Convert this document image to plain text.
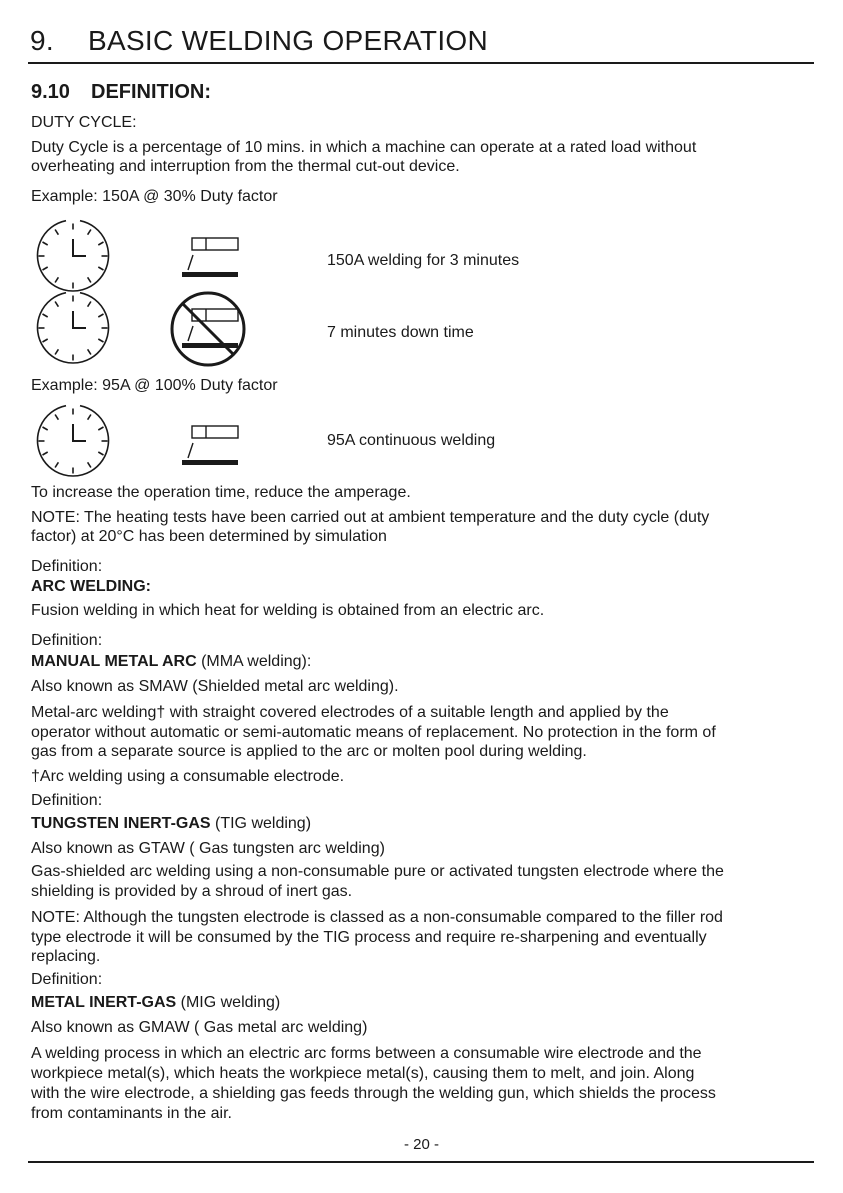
9. BASIC WELDING OPERATION
9.10 DEFINITION:
DUTY CYCLE:
Duty Cycle is a percentage of 10 mins. in which a machine can operate at a rated load without
overheating and interruption from the thermal cut-out device.
Example: 150A @ 30% Duty factor
150A welding for 3 minutes
7 minutes down time
Example: 95A @ 100% Duty factor
95A continuous welding
To increase the operation time, reduce the amperage.
NOTE: The heating tests have been carried out at ambient temperature and the duty cycle (duty
factor) at 20°C has been determined by simulation
Definition:
ARC WELDING:
Fusion welding in which heat for welding is obtained from an electric arc.
Definition:
MANUAL METAL ARC (MMA welding):
Also known as SMAW (Shielded metal arc welding).
Metal-arc welding† with straight covered electrodes of a suitable length and applied by the
operator without automatic or semi-automatic means of replacement. No protection in the form of
gas from a separate source is applied to the arc or molten pool during welding.
†Arc welding using a consumable electrode.
Definition:
TUNGSTEN INERT-GAS (TIG welding)
Also known as GTAW ( Gas tungsten arc welding)
Gas-shielded arc welding using a non-consumable pure or activated tungsten electrode where the
shielding is provided by a shroud of inert gas.
NOTE: Although the tungsten electrode is classed as a non-consumable compared to the filler rod
type electrode it will be consumed by the TIG process and require re-sharpening and eventually
replacing.
Definition:
METAL INERT-GAS (MIG welding)
Also known as GMAW ( Gas metal arc welding)
A welding process in which an electric arc forms between a consumable wire electrode and the
workpiece metal(s), which heats the workpiece metal(s), causing them to melt, and join. Along
with the wire electrode, a shielding gas feeds through the welding gun, which shields the process
from contaminants in the air.
- 20 -
